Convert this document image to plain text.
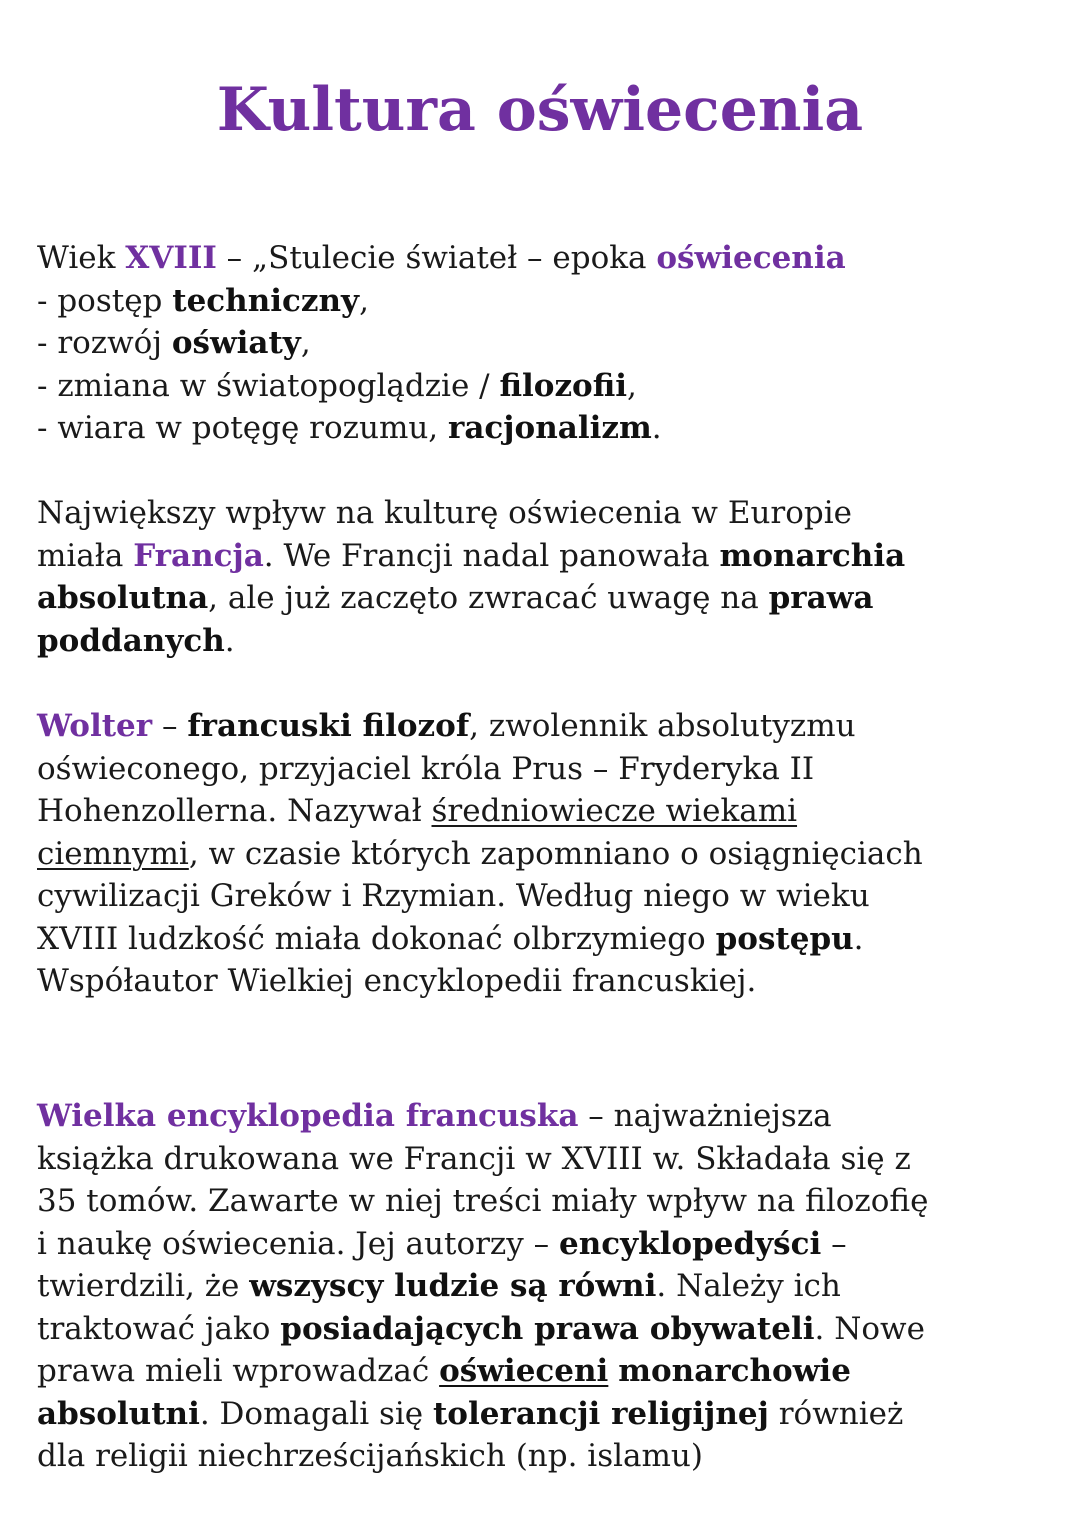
Kultura oświecenia
Wiek XVIII – „Stulecie świateł – epoka oświecenia
- postęp techniczny,
- rozwój oświaty,
- zmiana w światopoglądzie / filozofii,
- wiara w potęgę rozumu, racjonalizm.
Największy wpływ na kulturę oświecenia w Europie
miała Francja. We Francji nadal panowała monarchia
absolutna, ale już zaczęto zwracać uwagę na prawa
poddanych.
Wolter – francuski filozof, zwolennik absolutyzmu
oświeconego, przyjaciel króla Prus – Fryderyka II
Hohenzollerna. Nazywał średniowiecze wiekami
ciemnymi, w czasie których zapomniano o osiągnięciach
cywilizacji Greków i Rzymian. Według niego w wieku
XVIII ludzkość miała dokonać olbrzymiego postępu.
Współautor Wielkiej encyklopedii francuskiej.
Wielka encyklopedia francuska – najważniejsza
książka drukowana we Francji w XVIII w. Składała się z
35 tomów. Zawarte w niej treści miały wpływ na filozofię
i naukę oświecenia. Jej autorzy – encyklopedyści –
twierdzili, że wszyscy ludzie są równi. Należy ich
traktować jako posiadających prawa obywateli. Nowe
prawa mieli wprowadzać oświeceni monarchowie
absolutni. Domagali się tolerancji religijnej również
dla religii niechrześcijańskich (np. islamu)
